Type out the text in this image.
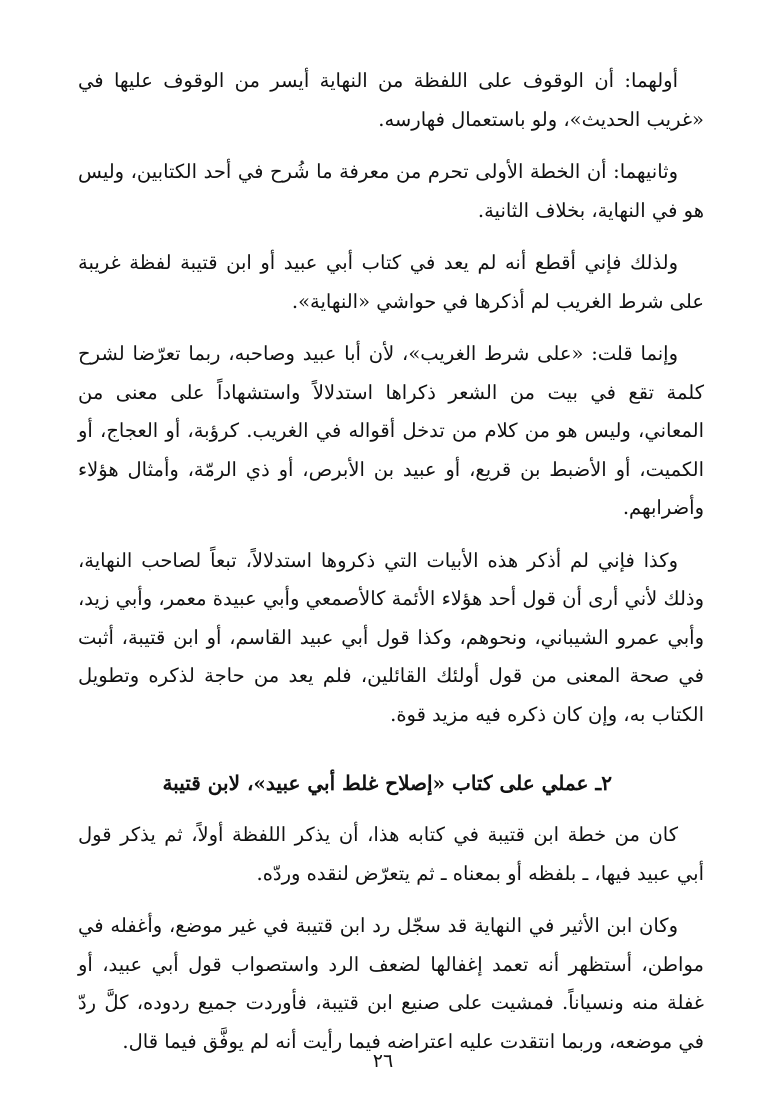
أولهما: أن الوقوف على اللفظة من النهاية أيسر من الوقوف عليها في «غريب الحديث»، ولو باستعمال فهارسه.

وثانيهما: أن الخطة الأولى تحرم من معرفة ما شُرح في أحد الكتابين، وليس هو في النهاية، بخلاف الثانية.

ولذلك فإني أقطع أنه لم يعد في كتاب أبي عبيد أو ابن قتيبة لفظة غريبة على شرط الغريب لم أذكرها في حواشي «النهاية».

وإنما قلت: «على شرط الغريب»، لأن أبا عبيد وصاحبه، ربما تعرّضا لشرح كلمة تقع في بيت من الشعر ذكراها استدلالاً واستشهاداً على معنى من المعاني، وليس هو من كلام من تدخل أقواله في الغريب. كرؤبة، أو العجاج، أو الكميت، أو الأضبط بن قريع، أو عبيد بن الأبرص، أو ذي الرمّة، وأمثال هؤلاء وأضرابهم.

وكذا فإني لم أذكر هذه الأبيات التي ذكروها استدلالاً، تبعاً لصاحب النهاية، وذلك لأني أرى أن قول أحد هؤلاء الأئمة كالأصمعي وأبي عبيدة معمر، وأبي زيد، وأبي عمرو الشيباني، ونحوهم، وكذا قول أبي عبيد القاسم، أو ابن قتيبة، أثبت في صحة المعنى من قول أولئك القائلين، فلم يعد من حاجة لذكره وتطويل الكتاب به، وإن كان ذكره فيه مزيد قوة.

٢ـ عملي على كتاب «إصلاح غلط أبي عبيد»، لابن قتيبة

كان من خطة ابن قتيبة في كتابه هذا، أن يذكر اللفظة أولاً، ثم يذكر قول أبي عبيد فيها، ـ بلفظه أو بمعناه ـ ثم يتعرّض لنقده وردّه.

وكان ابن الأثير في النهاية قد سجّل رد ابن قتيبة في غير موضع، وأغفله في مواطن، أستظهر أنه تعمد إغفالها لضعف الرد واستصواب قول أبي عبيد، أو غفلة منه ونسياناً. فمشيت على صنيع ابن قتيبة، فأوردت جميع ردوده، كلَّ ردّ في موضعه، وربما انتقدت عليه اعتراضه فيما رأيت أنه لم يوفَّق فيما قال.

٢٦
